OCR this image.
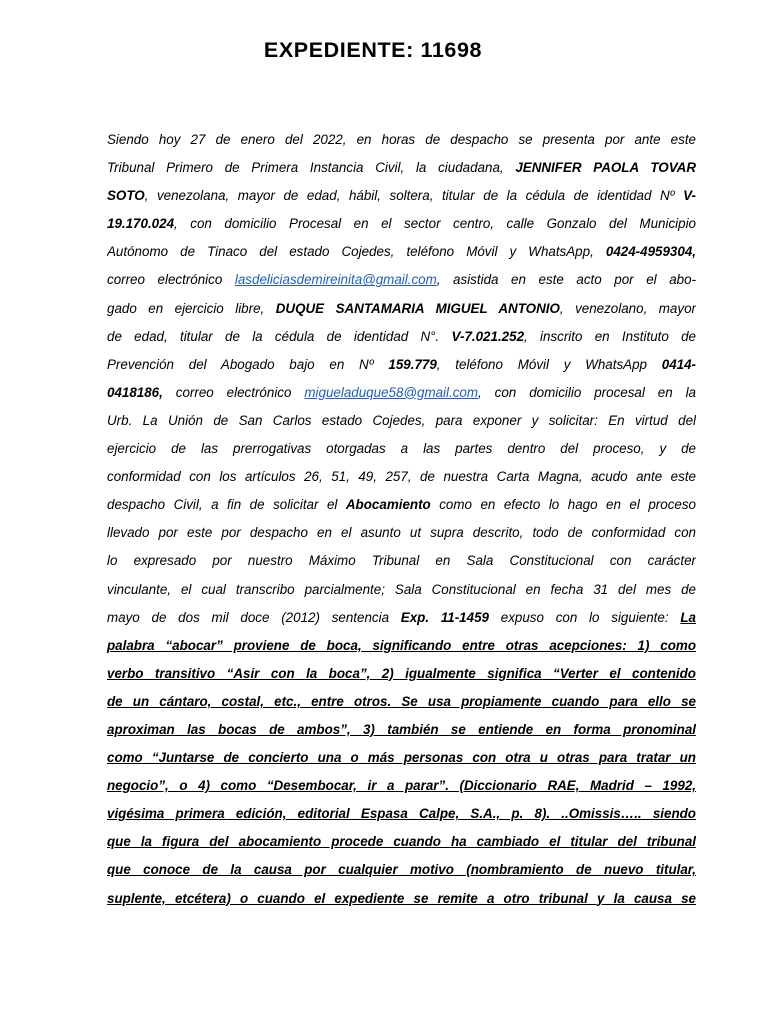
EXPEDIENTE: 11698
Siendo hoy 27 de enero del 2022, en horas de despacho se presenta por ante este
Tribunal Primero de Primera Instancia Civil, la ciudadana, JENNIFER PAOLA TOVAR
SOTO, venezolana, mayor de edad, hábil, soltera, titular de la cédula de identidad Nº V-
19.170.024, con domicilio Procesal en el sector centro, calle Gonzalo del Municipio
Autónomo de Tinaco del estado Cojedes, teléfono Móvil y WhatsApp, 0424-4959304,
correo electrónico lasdeliciasdemireinita@gmail.com, asistida en este acto por el abo-
gado en ejercicio libre, DUQUE SANTAMARIA MIGUEL ANTONIO, venezolano, mayor
de edad, titular de la cédula de identidad N°. V-7.021.252, inscrito en Instituto de
Prevención del Abogado bajo en Nº 159.779, teléfono Móvil y WhatsApp 0414-
0418186, correo electrónico migueladuque58@gmail.com, con domicilio procesal en la
Urb. La Unión de San Carlos estado Cojedes, para exponer y solicitar: En virtud del
ejercicio de las prerrogativas otorgadas a las partes dentro del proceso, y de
conformidad con los artículos 26, 51, 49, 257, de nuestra Carta Magna, acudo ante este
despacho Civil, a fin de solicitar el Abocamiento como en efecto lo hago en el proceso
llevado por este por despacho en el asunto ut supra descrito, todo de conformidad con
lo expresado por nuestro Máximo Tribunal en Sala Constitucional con carácter
vinculante, el cual transcribo parcialmente; Sala Constitucional en fecha 31 del mes de
mayo de dos mil doce (2012) sentencia Exp. 11-1459 expuso con lo siguiente: La
palabra “abocar” proviene de boca, significando entre otras acepciones: 1) como
verbo transitivo “Asir con la boca”, 2) igualmente significa “Verter el contenido
de un cántaro, costal, etc., entre otros. Se usa propiamente cuando para ello se
aproximan las bocas de ambos”, 3) también se entiende en forma pronominal
como “Juntarse de concierto una o más personas con otra u otras para tratar un
negocio”, o 4) como “Desembocar, ir a parar”. (Diccionario RAE, Madrid – 1992,
vigésima primera edición, editorial Espasa Calpe, S.A., p. 8). ..Omissis….. siendo
que la figura del abocamiento procede cuando ha cambiado el titular del tribunal
que conoce de la causa por cualquier motivo (nombramiento de nuevo titular,
suplente, etcétera) o cuando el expediente se remite a otro tribunal y la causa se
